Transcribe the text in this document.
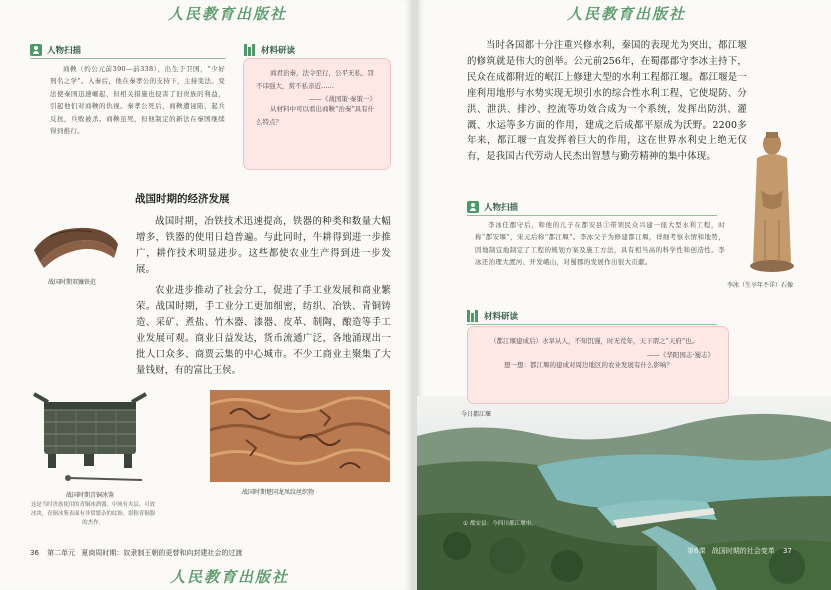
人民教育出版社
人物扫描

商鞅（约公元前390—前338），出生于卫国，“少好刑名之学”。入秦后，他在秦孝公的支持下，主持变法。变法使秦国迅速崛起，但相关措施也侵害了旧贵族的利益，引起他们对商鞅的仇视。秦孝公死后，商鞅遭诬陷，起兵反抗，兵败被杀。商鞅虽死，但他制定的新法在秦国继续得到推行。

材料研读
商君治秦，法令至行，公平无私，罚不讳强大，赏不私亲近……
——《战国策·秦策一》
从材料中可以看出商鞅“治秦”具有什么特点？
战国时期的经济发展
战国时期双镰铁范

战国时期，冶铁技术迅速提高，铁器的种类和数量大幅增多，铁器的使用日趋普遍。与此同时，牛耕得到进一步推广，耕作技术明显进步。这些都使农业生产得到进一步发展。

农业进步推动了社会分工，促进了手工业发展和商业繁荣。战国时期，手工业分工更加细密，纺织、冶铁、青铜铸造、采矿、煮盐、竹木器、漆器、皮革、制陶、酿造等手工业发展可观。商业日益发达，货币流通广泛，各地涌现出一批人口众多、商贾云集的中心城市。不少工商业主聚集了大量钱财，有的富比王侯。

战国时期青铜冰鉴
这是当时贵族使用的青铜冰酒器。中间有夹层，可放冰块，青铜冰鉴表面有非常繁杂的纹饰，堪称青铜器的杰作。
战国时期楚国龙凤纹丝织物
36 第二单元 夏商周时期：奴隶制王朝的更替和向封建社会的过渡
人民教育出版社
人民教育出版社

当时各国都十分注重兴修水利，秦国的表现尤为突出，都江堰的修筑就是伟大的创举。公元前256年，在蜀郡郡守李冰主持下，民众在成都附近的岷江上修建大型的水利工程都江堰。都江堰是一座利用地形与水势实现无坝引水的综合性水利工程，它使堤防、分洪、泄洪、排沙、控流等功效合成为一个系统，发挥出防洪、灌溉、水运等多方面的作用，建成之后成都平原成为沃野。2200多年来，都江堰一直发挥着巨大的作用，这在世界水利史上绝无仅有，是我国古代劳动人民杰出智慧与勤劳精神的集中体现。

李冰（生卒年不详）石像
人物扫描

李冰任郡守后，和他的儿子在都安县①带领民众兴建一座大型水利工程，时称“都安堰”，宋元后称“都江堰”。李冰父子为修建都江堰，详细考察水情和地势，因地制宜地制定了工程的规划方案及施工方法，具有相当高的科学性和创造性。李冰还治理大渡河、开发峨山，对蜀郡的发展作出很大贡献。

材料研读
今日都江堰
（都江堰建成后）水旱从人，不知饥馑，时无荒年，天下谓之“天府”也。
——《华阳国志·蜀志》
想一想：都江堰的建成对周边地区的农业发展有什么影响？
① 都安县：今四川都江堰市。
第6课 战国时期的社会变革 37
